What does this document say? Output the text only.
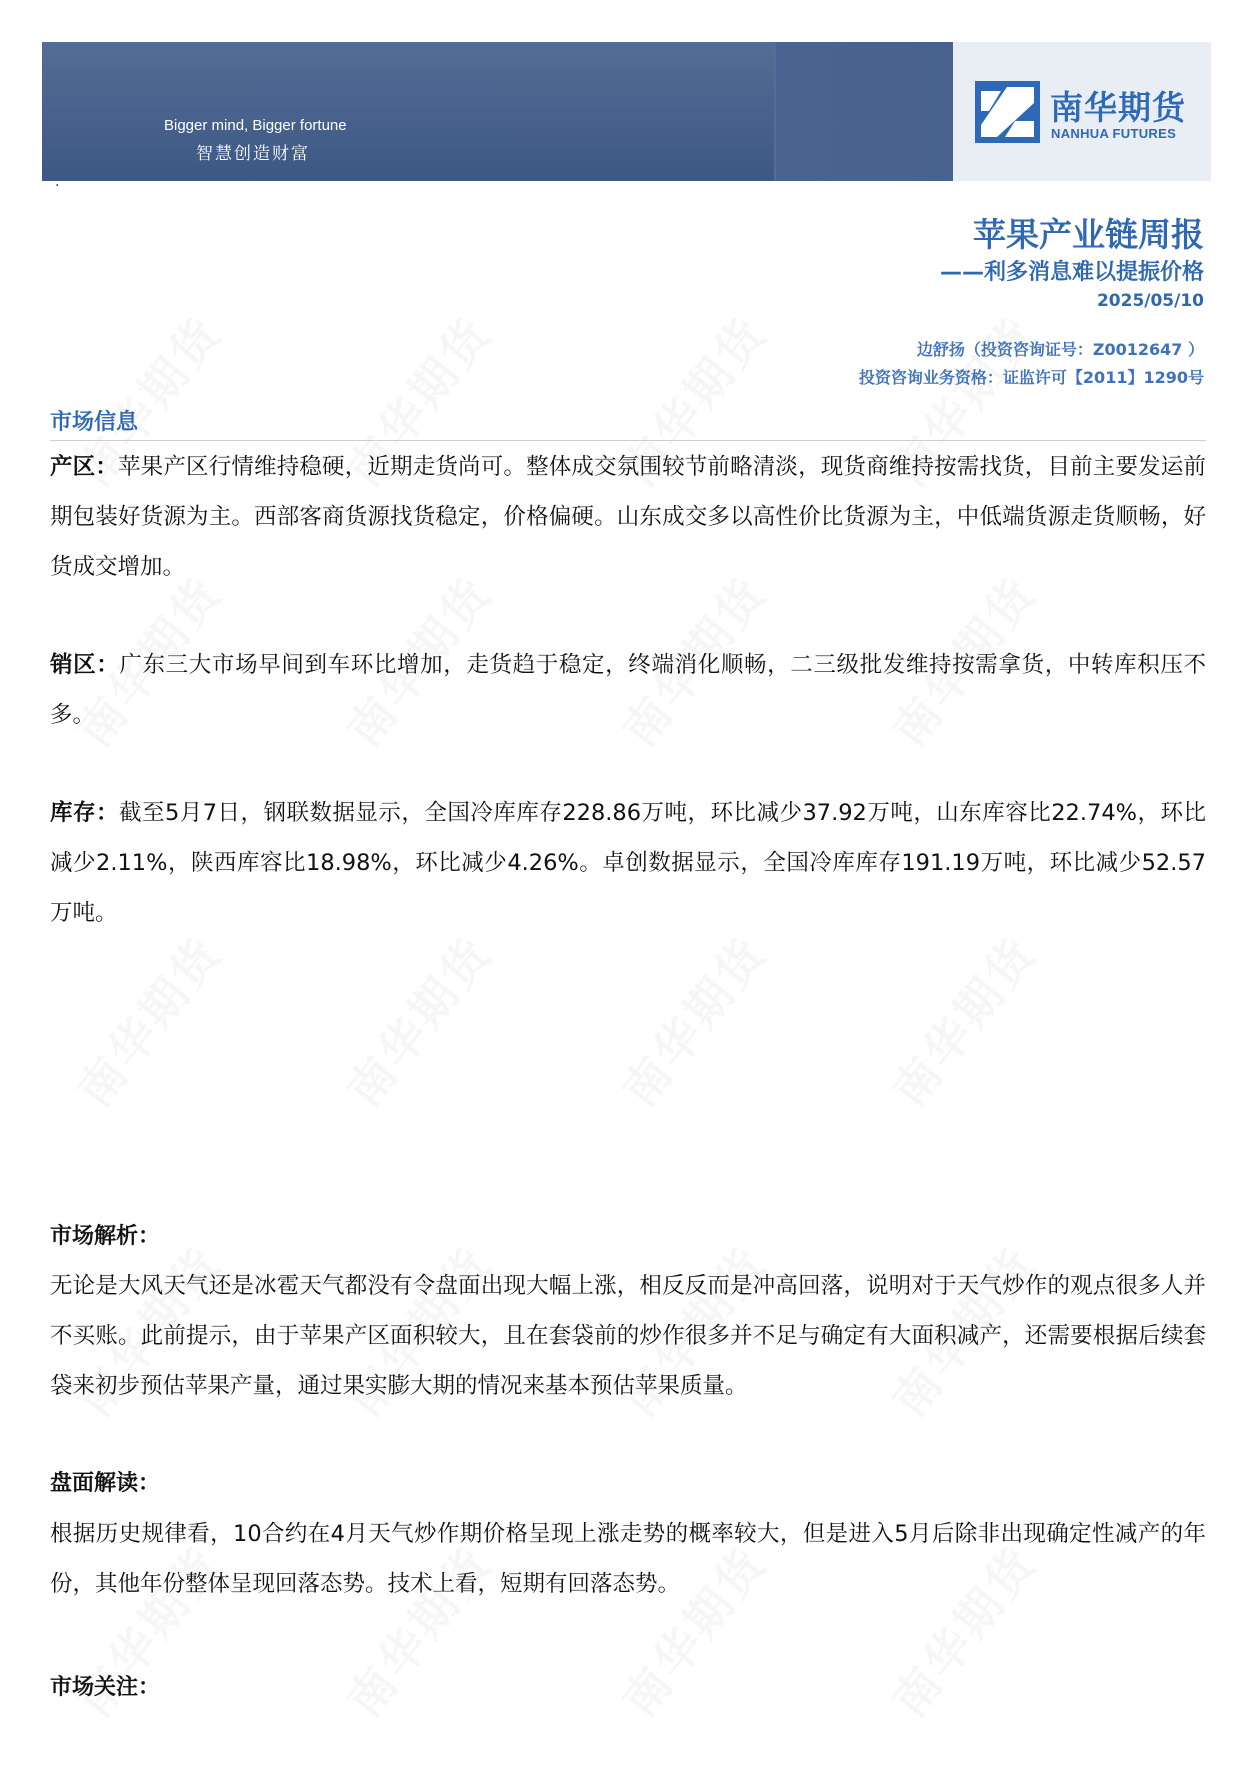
Bigger mind, Bigger fortune
智慧创造财富
南华期货
NANHUA FUTURES
·
苹果产业链周报
——利多消息难以提振价格
2025/05/10
边舒扬（投资咨询证号：Z0012647 ）
投资咨询业务资格：证监许可【2011】1290号
市场信息

产区：苹果产区行情维持稳硬，近期走货尚可。整体成交氛围较节前略清淡，现货商维持按需找货，目前主要发运前期包装好货源为主。西部客商货源找货稳定，价格偏硬。山东成交多以高性价比货源为主，中低端货源走货顺畅，好货成交增加。

销区：广东三大市场早间到车环比增加，走货趋于稳定，终端消化顺畅，二三级批发维持按需拿货，中转库积压不多。

库存：截至5月7日，钢联数据显示，全国冷库库存228.86万吨，环比减少37.92万吨，山东库容比22.74%，环比减少2.11%，陕西库容比18.98%，环比减少4.26%。卓创数据显示，全国冷库库存191.19万吨，环比减少52.57万吨。

市场解析：

无论是大风天气还是冰雹天气都没有令盘面出现大幅上涨，相反反而是冲高回落，说明对于天气炒作的观点很多人并不买账。此前提示，由于苹果产区面积较大，且在套袋前的炒作很多并不足与确定有大面积减产，还需要根据后续套袋来初步预估苹果产量，通过果实膨大期的情况来基本预估苹果质量。

盘面解读：

根据历史规律看，10合约在4月天气炒作期价格呈现上涨走势的概率较大，但是进入5月后除非出现确定性减产的年份，其他年份整体呈现回落态势。技术上看，短期有回落态势。

市场关注：
